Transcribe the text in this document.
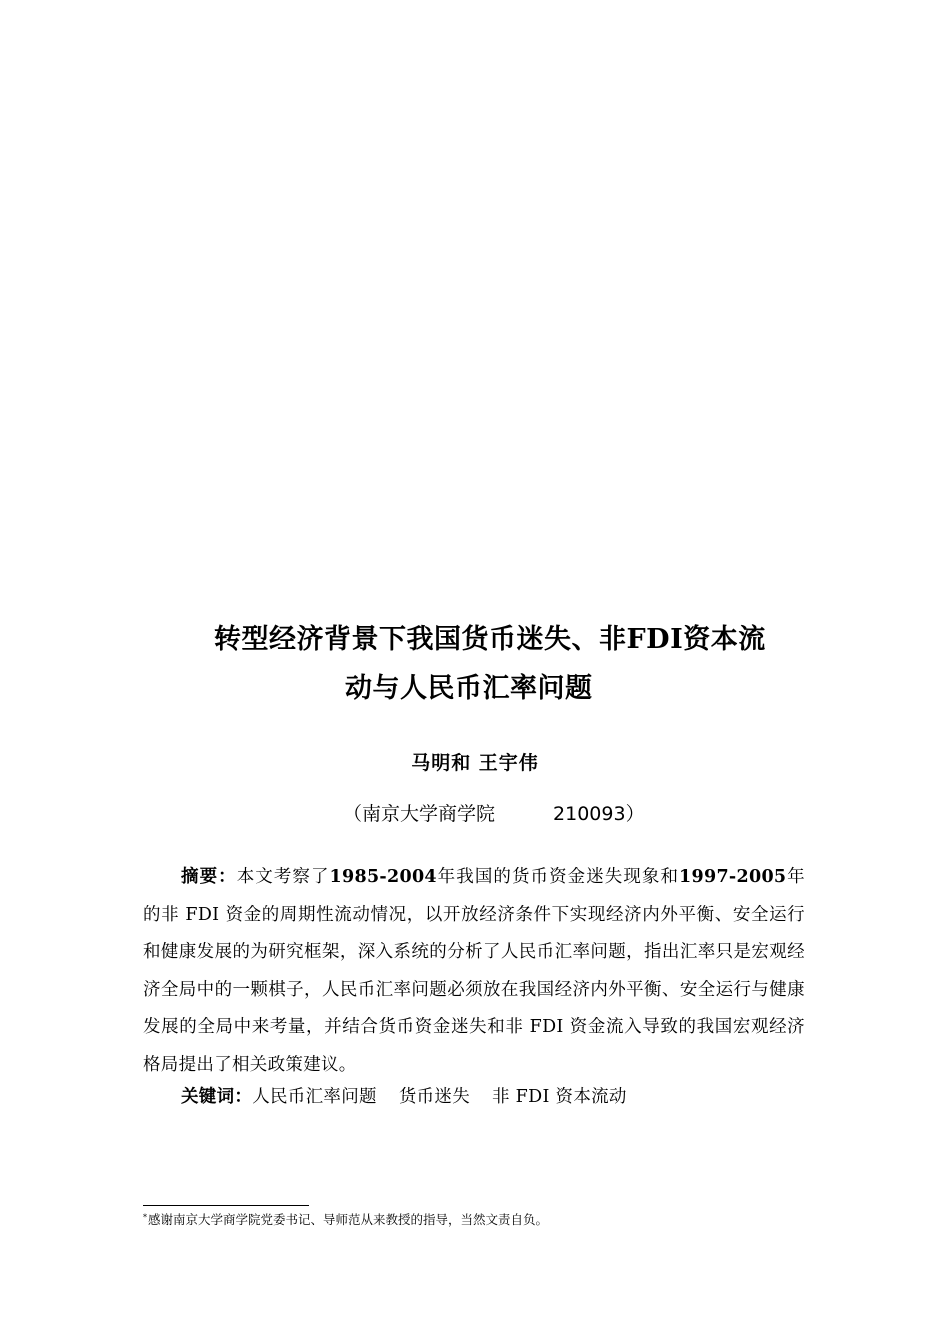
转型经济背景下我国货币迷失、非FDI资本流
动与人民币汇率问题
马明和 王宇伟
（南京大学商学院	210093）
摘要：本文考察了1985-2004年我国的货币资金迷失现象和1997-2005年的非 FDI 资金的周期性流动情况，以开放经济条件下实现经济内外平衡、安全运行和健康发展的为研究框架，深入系统的分析了人民币汇率问题，指出汇率只是宏观经济全局中的一颗棋子，人民币汇率问题必须放在我国经济内外平衡、安全运行与健康发展的全局中来考量，并结合货币资金迷失和非 FDI 资金流入导致的我国宏观经济格局提出了相关政策建议。
关键词：人民币汇率问题 货币迷失 非 FDI 资本流动
*感谢南京大学商学院党委书记、导师范从来教授的指导，当然文责自负。
